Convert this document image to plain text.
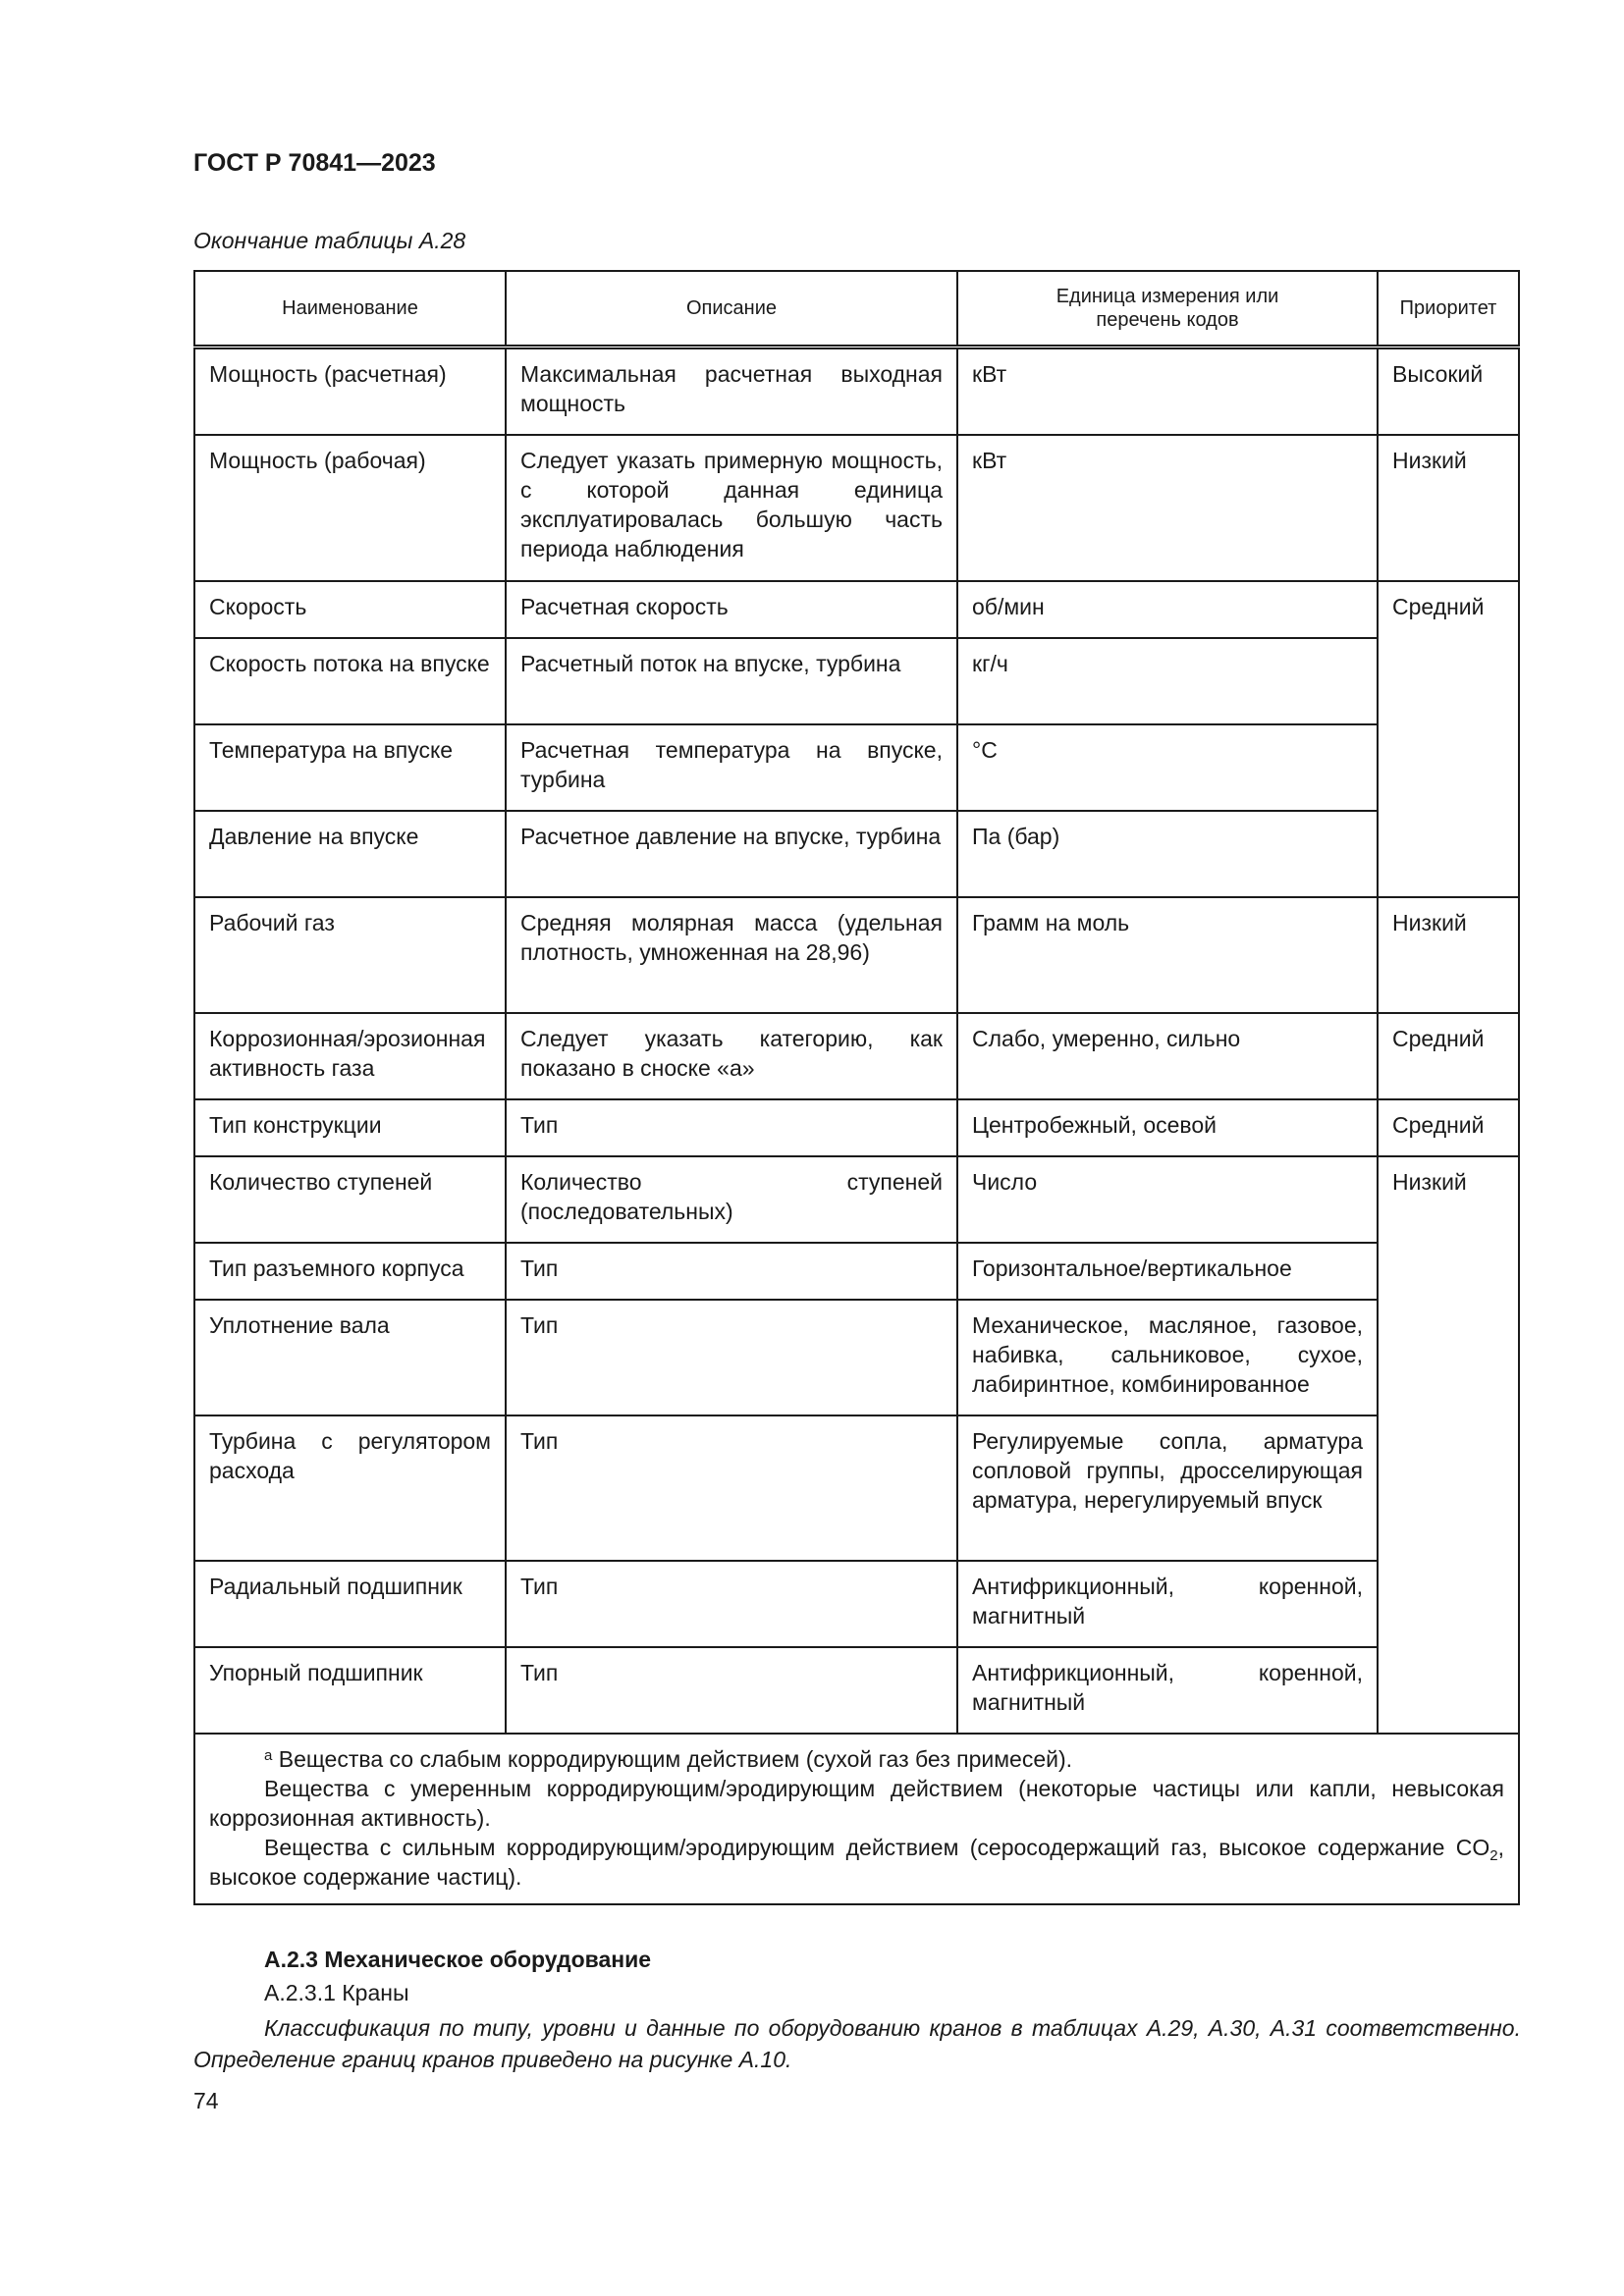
ГОСТ Р 70841—2023
Окончание таблицы А.28
Наименование	Описание	Единица измерения или перечень кодов	Приоритет
Мощность (расчетная)	Максимальная расчетная выходная мощность	кВт	Высокий
Мощность (рабочая)	Следует указать примерную мощность, с которой данная единица эксплуатировалась большую часть периода наблюдения	кВт	Низкий
Скорость	Расчетная скорость	об/мин	Средний
Скорость потока на впуске	Расчетный поток на впуске, турбина	кг/ч	
Температура на впуске	Расчетная температура на впуске, турбина	°C	
Давление на впуске	Расчетное давление на впуске, турбина	Па (бар)	
Рабочий газ	Средняя молярная масса (удельная плотность, умноженная на 28,96)	Грамм на моль	Низкий
Коррозионная/эрозионная активность газа	Следует указать категорию, как показано в сноске «а»	Слабо, умеренно, сильно	Средний
Тип конструкции	Тип	Центробежный, осевой	Средний
Количество ступеней	Количество ступеней (последовательных)	Число	Низкий
Тип разъемного корпуса	Тип	Горизонтальное/вертикальное	
Уплотнение вала	Тип	Механическое, масляное, газовое, набивка, сальниковое, сухое, лабиринтное, комбинированное	
Турбина с регулятором расхода	Тип	Регулируемые сопла, арматура сопловой группы, дросселирующая арматура, нерегулируемый впуск	
Радиальный подшипник	Тип	Антифрикционный, коренной, магнитный	
Упорный подшипник	Тип	Антифрикционный, коренной, магнитный	

$^а$ Вещества со слабым корродирующим действием (сухой газ без примесей).
Вещества с умеренным корродирующим/эродирующим действием (некоторые частицы или капли, невысокая коррозионная активность).
Вещества с сильным корродирующим/эродирующим действием (серосодержащий газ, высокое содержание $CO_2$, высокое содержание частиц).			
А.2.3 Механическое оборудование
А.2.3.1 Краны
Классификация по типу, уровни и данные по оборудованию кранов в таблицах А.29, А.30, А.31 соответственно. Определение границ кранов приведено на рисунке А.10.
74
